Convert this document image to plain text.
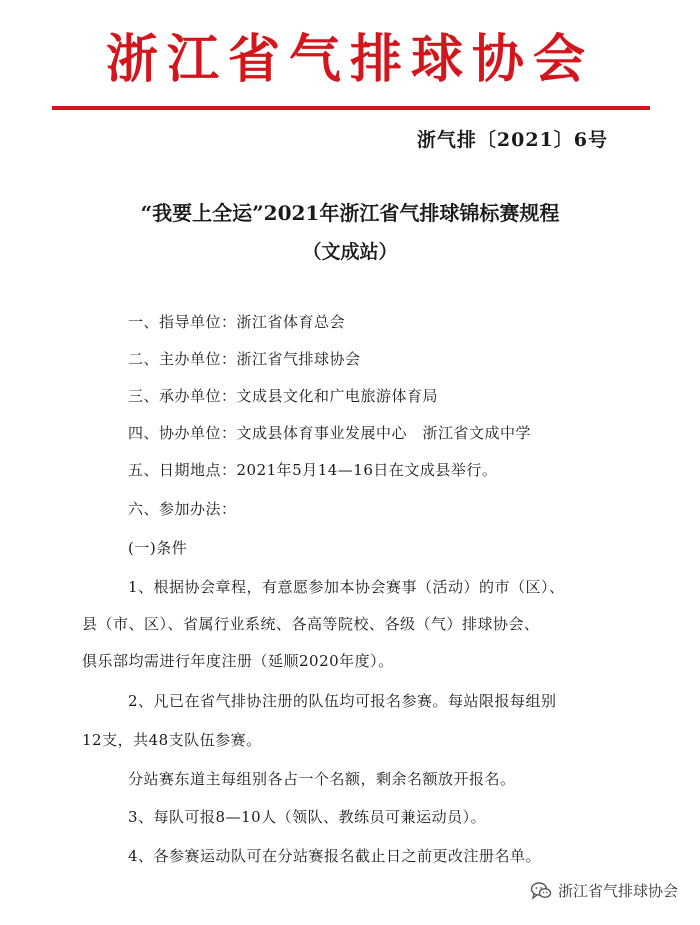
浙江省气排球协会
浙气排〔2021〕6号
“我要上全运”2021年浙江省气排球锦标赛规程
（文成站）
一、指导单位：浙江省体育总会
二、主办单位：浙江省气排球协会
三、承办单位：文成县文化和广电旅游体育局
四、协办单位：文成县体育事业发展中心　浙江省文成中学
五、日期地点：2021年5月14—16日在文成县举行。
六、参加办法：
(一)条件
1、根据协会章程，有意愿参加本协会赛事（活动）的市（区）、
县（市、区）、省属行业系统、各高等院校、各级（气）排球协会、
俱乐部均需进行年度注册（延顺2020年度）。
2、凡已在省气排协注册的队伍均可报名参赛。每站限报每组别
12支，共48支队伍参赛。
分站赛东道主每组别各占一个名额，剩余名额放开报名。
3、每队可报8—10人（领队、教练员可兼运动员）。
4、各参赛运动队可在分站赛报名截止日之前更改注册名单。
浙江省气排球协会
